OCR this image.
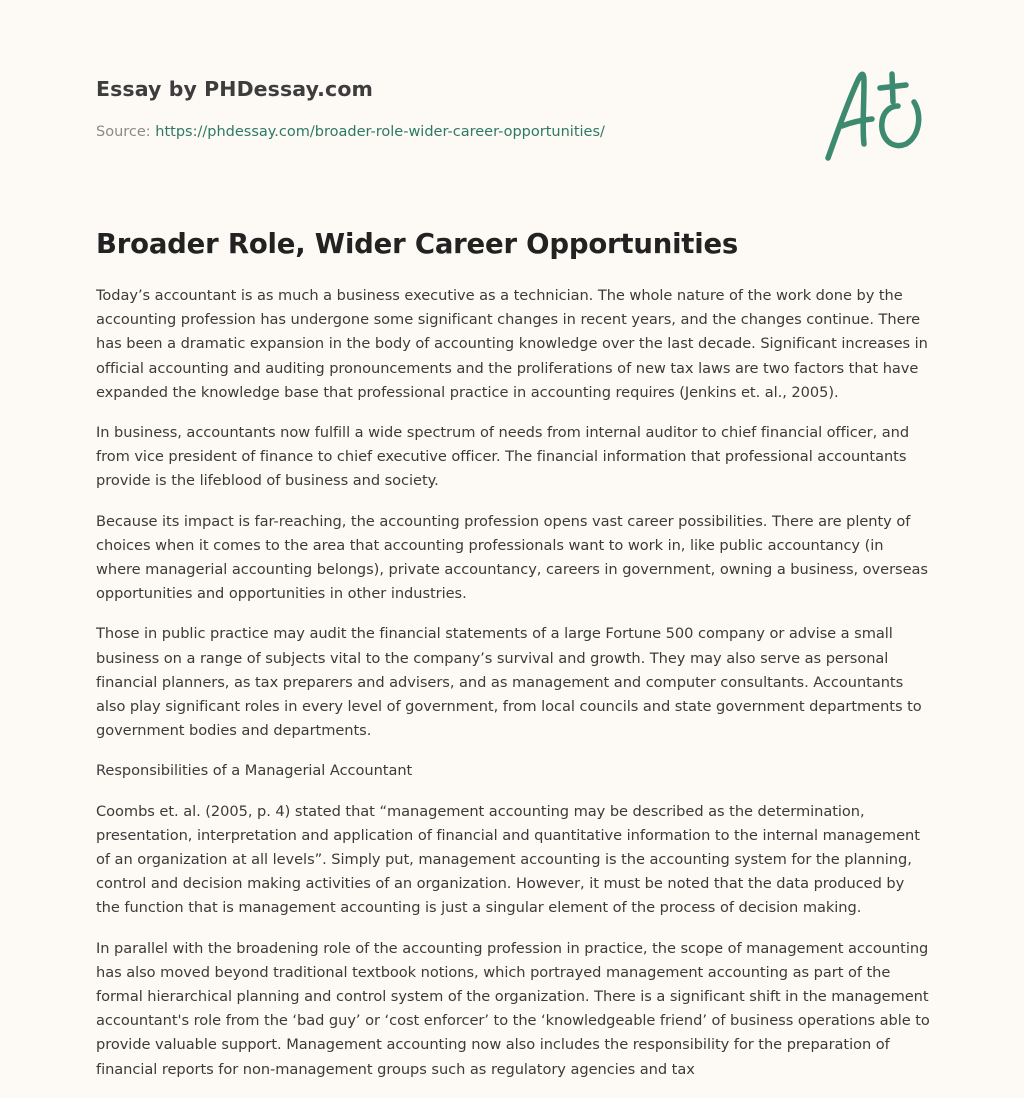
Essay by PHDessay.com
Source: https://phdessay.com/broader-role-wider-career-opportunities/
Broader Role, Wider Career Opportunities

Today’s accountant is as much a business executive as a technician. The whole nature of the work done by the accounting profession has undergone some significant changes in recent years, and the changes continue. There has been a dramatic expansion in the body of accounting knowledge over the last decade. Significant increases in official accounting and auditing pronouncements and the proliferations of new tax laws are two factors that have expanded the knowledge base that professional practice in accounting requires (Jenkins et. al., 2005).

In business, accountants now fulfill a wide spectrum of needs from internal auditor to chief financial officer, and from vice president of finance to chief executive officer. The financial information that professional accountants provide is the lifeblood of business and society.

Because its impact is far-reaching, the accounting profession opens vast career possibilities. There are plenty of choices when it comes to the area that accounting professionals want to work in, like public accountancy (in where managerial accounting belongs), private accountancy, careers in government, owning a business, overseas opportunities and opportunities in other industries.

Those in public practice may audit the financial statements of a large Fortune 500 company or advise a small business on a range of subjects vital to the company’s survival and growth. They may also serve as personal financial planners, as tax preparers and advisers, and as management and computer consultants. Accountants also play significant roles in every level of government, from local councils and state government departments to government bodies and departments.

Responsibilities of a Managerial Accountant

Coombs et. al. (2005, p. 4) stated that “management accounting may be described as the determination, presentation, interpretation and application of financial and quantitative information to the internal management of an organization at all levels”. Simply put, management accounting is the accounting system for the planning, control and decision making activities of an organization. However, it must be noted that the data produced by the function that is management accounting is just a singular element of the process of decision making.

In parallel with the broadening role of the accounting profession in practice, the scope of management accounting has also moved beyond traditional textbook notions, which portrayed management accounting as part of the formal hierarchical planning and control system of the organization. There is a significant shift in the management accountant's role from the ‘bad guy’ or ‘cost enforcer’ to the ‘knowledgeable friend’ of business operations able to provide valuable support. Management accounting now also includes the responsibility for the preparation of financial reports for non-management groups such as regulatory agencies and tax
